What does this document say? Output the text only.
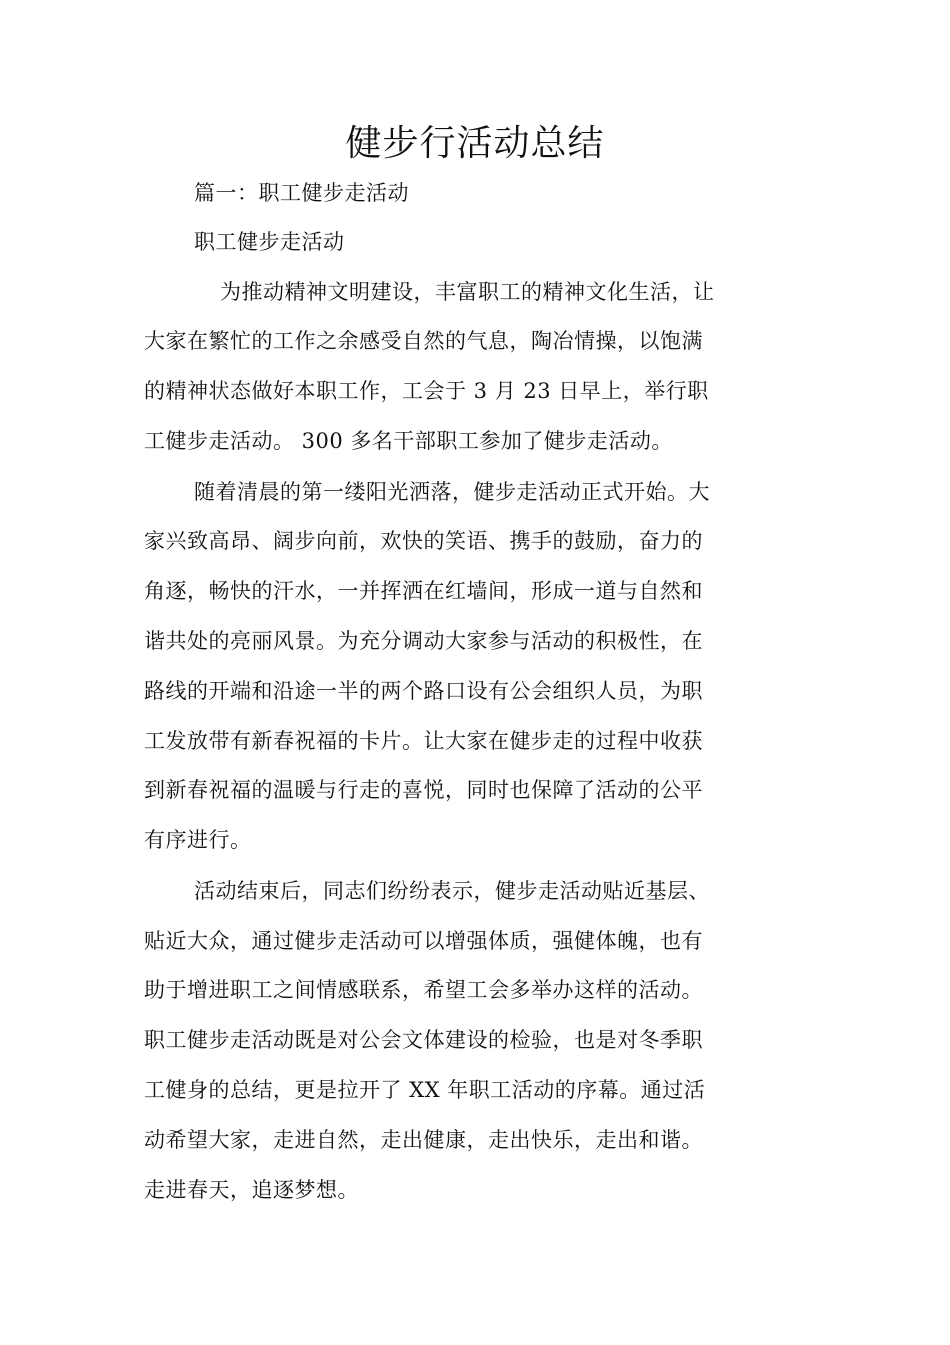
健步行活动总结
篇一：职工健步走活动
职工健步走活动
为推动精神文明建设，丰富职工的精神文化生活，让
大家在繁忙的工作之余感受自然的气息，陶冶情操，以饱满
的精神状态做好本职工作，工会于 3 月 23 日早上，举行职
工健步走活动。 300 多名干部职工参加了健步走活动。
随着清晨的第一缕阳光洒落，健步走活动正式开始。大
家兴致高昂、阔步向前，欢快的笑语、携手的鼓励，奋力的
角逐，畅快的汗水，一并挥洒在红墙间，形成一道与自然和
谐共处的亮丽风景。为充分调动大家参与活动的积极性，在
路线的开端和沿途一半的两个路口设有公会组织人员，为职
工发放带有新春祝福的卡片。让大家在健步走的过程中收获
到新春祝福的温暖与行走的喜悦，同时也保障了活动的公平
有序进行。
活动结束后，同志们纷纷表示，健步走活动贴近基层、
贴近大众，通过健步走活动可以增强体质，强健体魄，也有
助于增进职工之间情感联系，希望工会多举办这样的活动。
职工健步走活动既是对公会文体建设的检验，也是对冬季职
工健身的总结，更是拉开了 XX 年职工活动的序幕。通过活
动希望大家，走进自然，走出健康，走出快乐，走出和谐。
走进春天，追逐梦想。
